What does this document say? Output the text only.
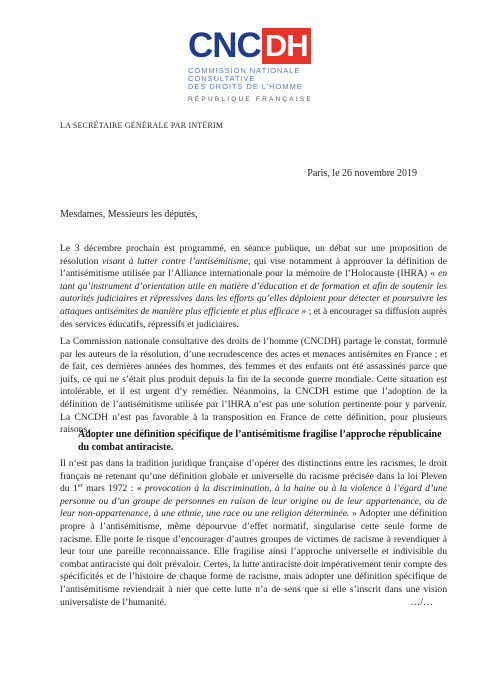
CNC DH
COMMISSION NATIONALE
CONSULTATIVE
DES DROITS DE L’HOMME
RÉPUBLIQUE FRANÇAISE
LA SECRÉTAIRE GÉNÉRALE PAR INTÉRIM
Paris, le 26 novembre 2019
Mesdames, Messieurs les députés,
Le 3 décembre prochain est programmé, en séance publique, un débat sur une proposition de résolution visant à lutter contre l’antisémitisme, qui vise notamment à approuver la définition de l’antisémitisme utilisée par l’Alliance internationale pour la mémoire de l’Holocauste (IHRA) « en tant qu’instrument d’orientation utile en matière d’éducation et de formation et afin de soutenir les autorités judiciaires et répressives dans les efforts qu’elles déploient pour détecter et poursuivre les attaques antisémites de manière plus efficiente et plus efficace » ; et à encourager sa diffusion auprès des services éducatifs, répressifs et judiciaires.
La Commission nationale consultative des droits de l’homme (CNCDH) partage le constat, formulé par les auteurs de la résolution, d’une recrudescence des actes et menaces antisémites en France ; et de fait, ces dernières années des hommes, des femmes et des enfants ont été assassinés parce que juifs, ce qui ne s’était plus produit depuis la fin de la seconde guerre mondiale. Cette situation est intolérable, et il est urgent d’y remédier. Néanmoins, la CNCDH estime que l’adoption de la définition de l’antisémitisme utilisée par l’IHRA n’est pas une solution pertinente pour y parvenir. La CNCDH n’est pas favorable à la transposition en France de cette définition, pour plusieurs raisons.
Adopter une définition spécifique de l’antisémitisme fragilise l’approche républicaine du combat antiraciste.
Il n’est pas dans la tradition juridique française d’opérer des distinctions entre les racismes, le droit français ne retenant qu’une définition globale et universelle du racisme précisée dans la loi Pleven du 1er mars 1972 : « provocation à la discrimination, à la haine ou à la violence à l’égard d’une personne ou d’un groupe de personnes en raison de leur origine ou de leur appartenance, ou de leur non-appartenance, à une ethnie, une race ou une religion déterminée. » Adopter une définition propre à l’antisémitisme, même dépourvue d’effet normatif, singularise cette seule forme de racisme. Elle porte le risque d’encourager d’autres groupes de victimes de racisme à revendiquer à leur tour une pareille reconnaissance. Elle fragilise ainsi l’approche universelle et indivisible du combat antiraciste qui doit prévaloir. Certes, la lutte antiraciste doit impérativement tenir compte des spécificités et de l’histoire de chaque forme de racisme, mais adopter une définition spécifique de l’antisémitisme reviendrait à nier que cette lutte n’a de sens que si elle s’inscrit dans une vision universaliste de l’humanité.	…/…
